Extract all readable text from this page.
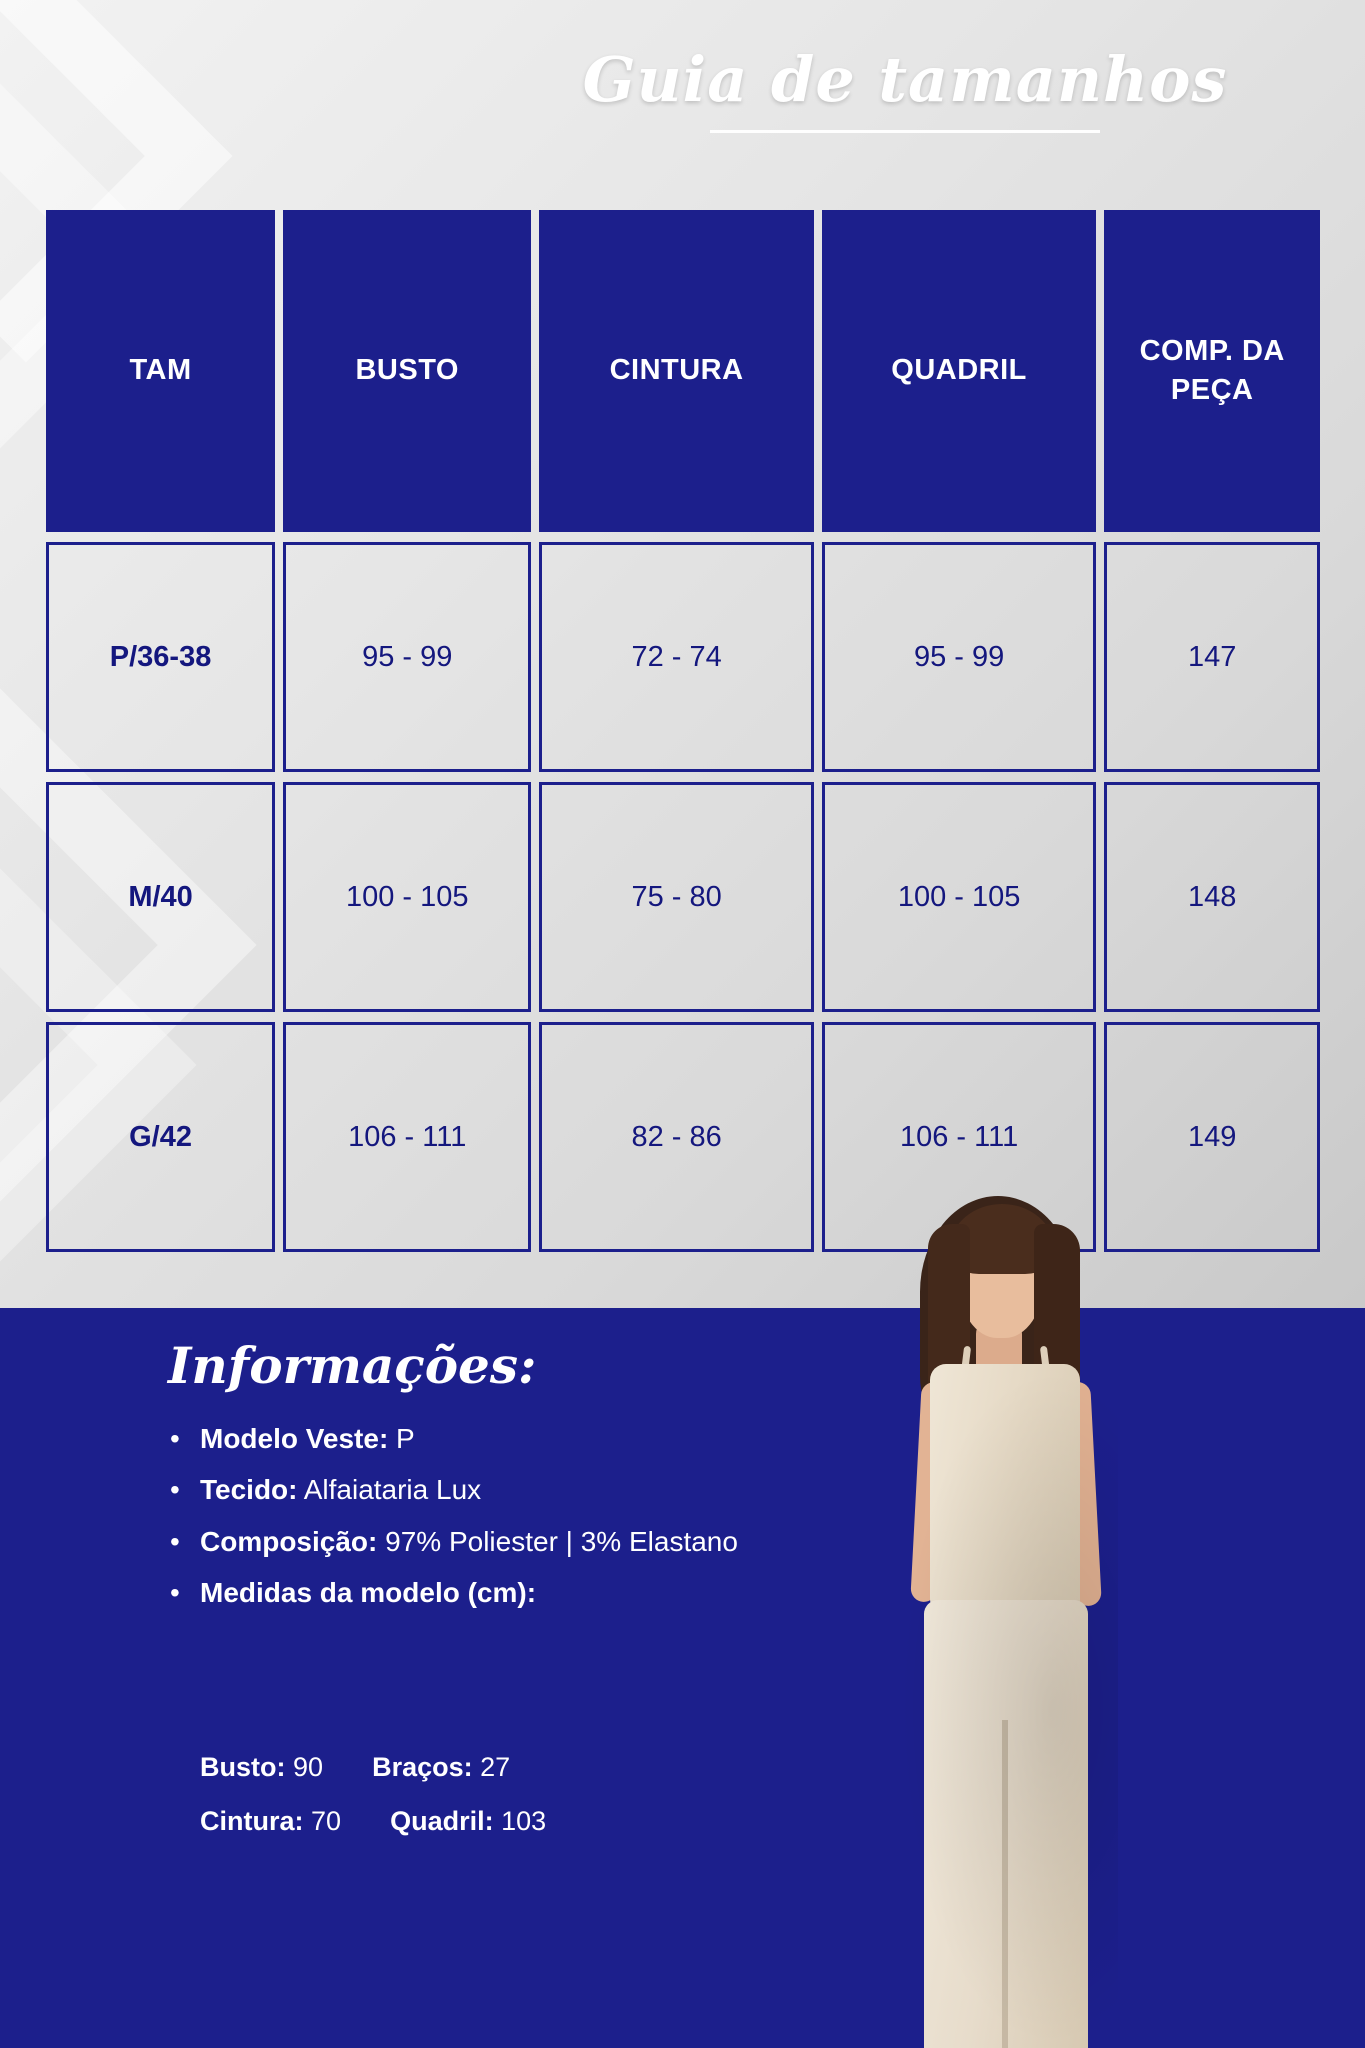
Guia de tamanhos
TAM	BUSTO	CINTURA	QUADRIL	COMP. DA PEÇA
P/36-38	95 - 99	72 - 74	95 - 99	147
M/40	100 - 105	75 - 80	100 - 105	148
G/42	106 - 111	82 - 86	106 - 111	149
Informações:
• Modelo Veste: P
• Tecido: Alfaiataria Lux
• Composição: 97% Poliester | 3% Elastano
• Medidas da modelo (cm):
Busto: 90 Braços: 27
Cintura: 70 Quadril: 103
